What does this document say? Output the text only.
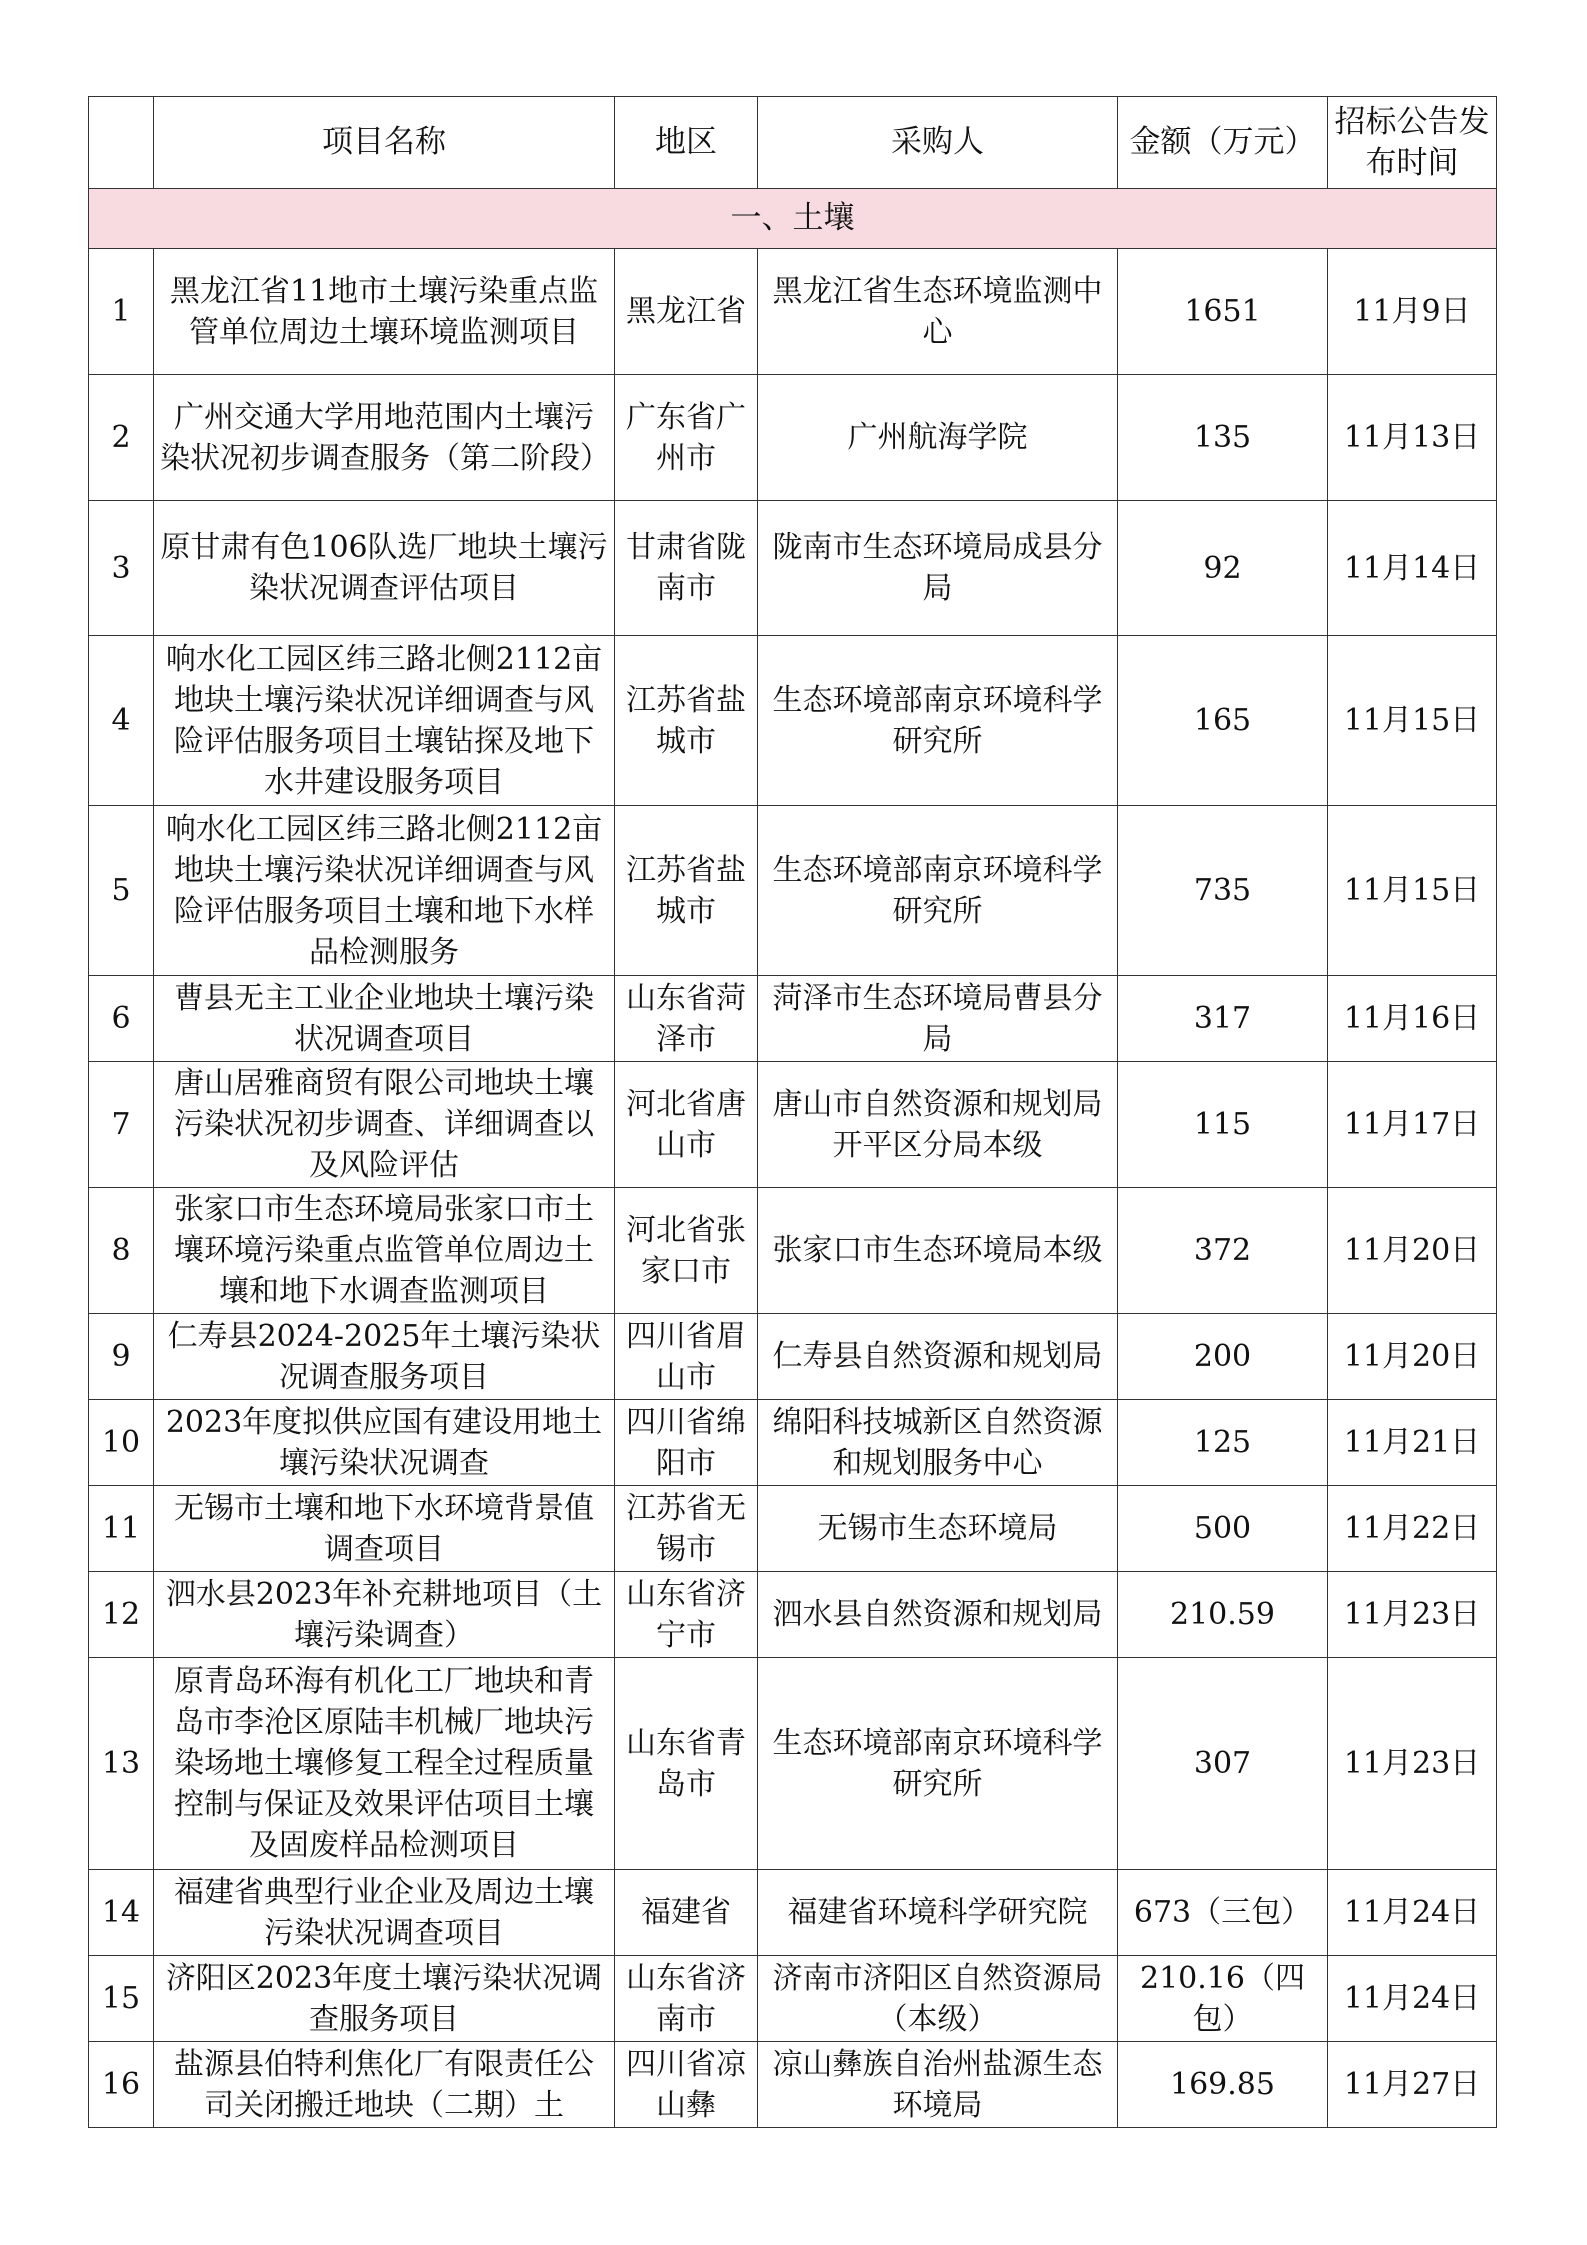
	项目名称	地区	采购人	金额（万元）	招标公告发布时间
一、土壤					
1	黑龙江省11地市土壤污染重点监管单位周边土壤环境监测项目	黑龙江省	黑龙江省生态环境监测中心	1651	11月9日
2	广州交通大学用地范围内土壤污染状况初步调查服务（第二阶段）	广东省广州市	广州航海学院	135	11月13日
3	原甘肃有色106队选厂地块土壤污染状况调查评估项目	甘肃省陇南市	陇南市生态环境局成县分局	92	11月14日
4	响水化工园区纬三路北侧2112亩地块土壤污染状况详细调查与风险评估服务项目土壤钻探及地下水井建设服务项目	江苏省盐城市	生态环境部南京环境科学研究所	165	11月15日
5	响水化工园区纬三路北侧2112亩地块土壤污染状况详细调查与风险评估服务项目土壤和地下水样品检测服务	江苏省盐城市	生态环境部南京环境科学研究所	735	11月15日
6	曹县无主工业企业地块土壤污染状况调查项目	山东省菏泽市	菏泽市生态环境局曹县分局	317	11月16日
7	唐山居雅商贸有限公司地块土壤污染状况初步调查、详细调查以及风险评估	河北省唐山市	唐山市自然资源和规划局开平区分局本级	115	11月17日
8	张家口市生态环境局张家口市土壤环境污染重点监管单位周边土壤和地下水调查监测项目	河北省张家口市	张家口市生态环境局本级	372	11月20日
9	仁寿县2024-2025年土壤污染状况调查服务项目	四川省眉山市	仁寿县自然资源和规划局	200	11月20日
10	2023年度拟供应国有建设用地土壤污染状况调查	四川省绵阳市	绵阳科技城新区自然资源和规划服务中心	125	11月21日
11	无锡市土壤和地下水环境背景值调查项目	江苏省无锡市	无锡市生态环境局	500	11月22日
12	泗水县2023年补充耕地项目（土壤污染调查）	山东省济宁市	泗水县自然资源和规划局	210.59	11月23日
13	原青岛环海有机化工厂地块和青岛市李沧区原陆丰机械厂地块污染场地土壤修复工程全过程质量控制与保证及效果评估项目土壤及固废样品检测项目	山东省青岛市	生态环境部南京环境科学研究所	307	11月23日
14	福建省典型行业企业及周边土壤污染状况调查项目	福建省	福建省环境科学研究院	673（三包）	11月24日
15	济阳区2023年度土壤污染状况调查服务项目	山东省济南市	济南市济阳区自然资源局（本级）	210.16（四包）	11月24日
16	盐源县伯特利焦化厂有限责任公司关闭搬迁地块（二期）土	四川省凉山彝	凉山彝族自治州盐源生态环境局	169.85	11月27日
